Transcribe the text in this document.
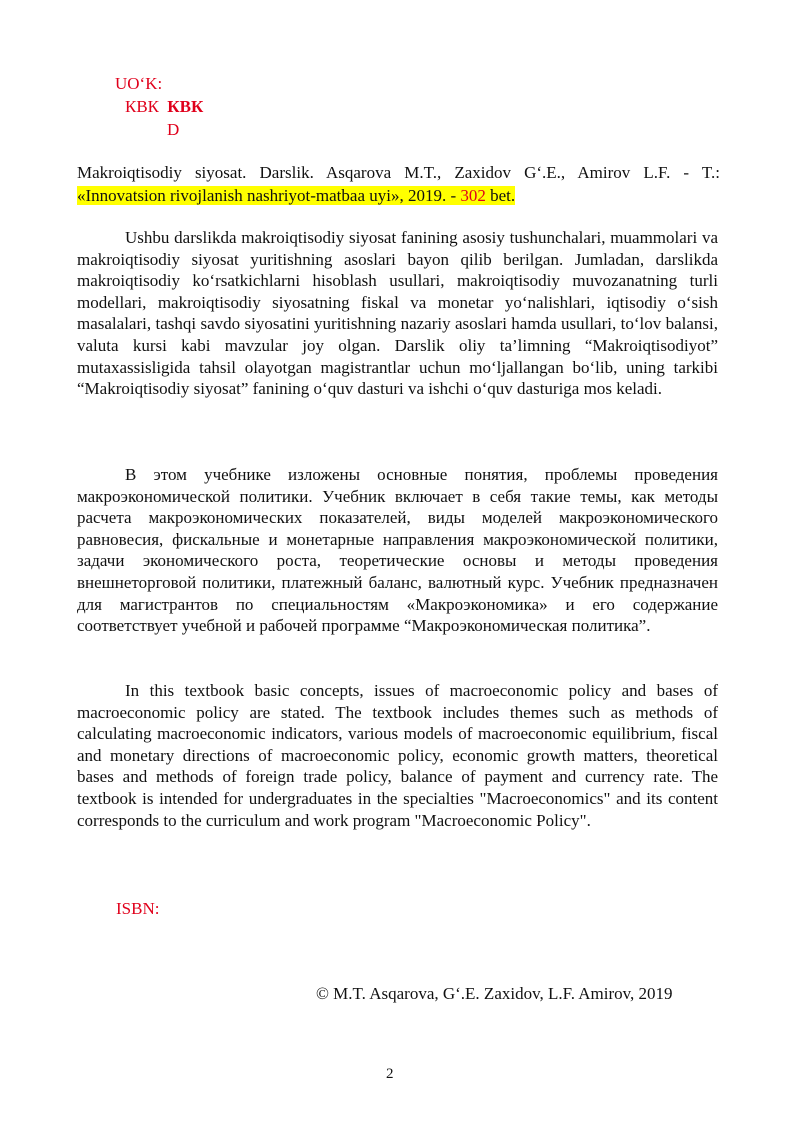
UOʻK:
КВК КВК
D
Makroiqtisodiy siyosat. Darslik. Asqarova M.T., Zaxidov Gʻ.E., Amirov L.F. - T.:
«Innovatsion rivojlanish nashriyot-matbaa uyi», 2019. - 302 bet.

Ushbu darslikda makroiqtisodiy siyosat fanining asosiy tushunchalari, muammolari va makroiqtisodiy siyosat yuritishning asoslari bayon qilib berilgan. Jumladan, darslikda makroiqtisodiy koʻrsatkichlarni hisoblash usullari, makroiqtisodiy muvozanatning turli modellari, makroiqtisodiy siyosatning fiskal va monetar yoʻnalishlari, iqtisodiy oʻsish masalalari, tashqi savdo siyosatini yuritishning nazariy asoslari hamda usullari, toʻlov balansi, valuta kursi kabi mavzular joy olgan. Darslik oliy ta’limning “Makroiqtisodiyot” mutaxassisligida tahsil olayotgan magistrantlar uchun moʻljallangan boʻlib, uning tarkibi “Makroiqtisodiy siyosat” fanining oʻquv dasturi va ishchi oʻquv dasturiga mos keladi.

В этом учебнике изложены основные понятия, проблемы проведения макроэкономической политики. Учебник включает в себя такие темы, как методы расчета макроэкономических показателей, виды моделей макроэкономического равновесия, фискальные и монетарные направления макроэкономической политики, задачи экономического роста, теоретические основы и методы проведения внешнеторговой политики, платежный баланс, валютный курс. Учебник предназначен для магистрантов по специальностям «Макроэкономика» и его содержание соответствует учебной и рабочей программе “Макроэкономическая политика”.

In this textbook basic concepts, issues of macroeconomic policy and bases of macroeconomic policy are stated. The textbook includes themes such as methods of calculating macroeconomic indicators, various models of macroeconomic equilibrium, fiscal and monetary directions of macroeconomic policy, economic growth matters, theoretical bases and methods of foreign trade policy, balance of payment and currency rate. The textbook is intended for undergraduates in the specialties "Macroeconomics" and its content corresponds to the curriculum and work program "Macroeconomic Policy".

ISBN:
© M.T. Asqarova, Gʻ.E. Zaxidov, L.F. Amirov, 2019
2
